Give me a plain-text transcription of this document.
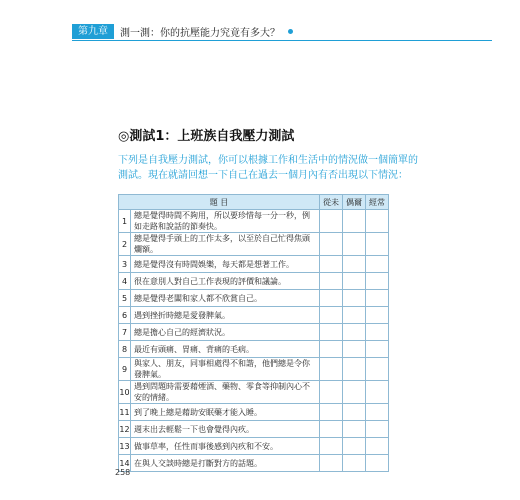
第九章	測一測：你的抗壓能力究竟有多大？
◎測試1：上班族自我壓力測試
下列是自我壓力測試，你可以根據工作和生活中的情況做一個簡單的測試。現在就請回想一下自己在過去一個月內有否出現以下情況：
題 目		從未	偶爾	經常
1	總是覺得時間不夠用，所以要珍惜每一分一秒，例如走路和說話的節奏快。			
2	總是覺得手頭上的工作太多，以至於自己忙得焦頭爛額。			
3	總是覺得沒有時間娛樂，每天都是想著工作。			
4	很在意別人對自己工作表現的評價和議論。			
5	總是覺得老闆和家人都不欣賞自己。			
6	遇到挫折時總是愛發脾氣。			
7	總是擔心自己的經濟狀況。			
8	最近有頭痛、胃痛、背痛的毛病。			
9	與家人、朋友，同事相處得不和諧，他們總是令你發脾氣。			
10	遇到問題時需要藉煙酒、藥物、零食等抑制內心不安的情緒。			
11	到了晚上總是藉助安眠藥才能入睡。			
12	週末出去輕鬆一下也會覺得內疚。			
13	做事草率，任性而事後感到內疚和不安。			
14	在與人交談時總是打斷對方的話題。			
258
